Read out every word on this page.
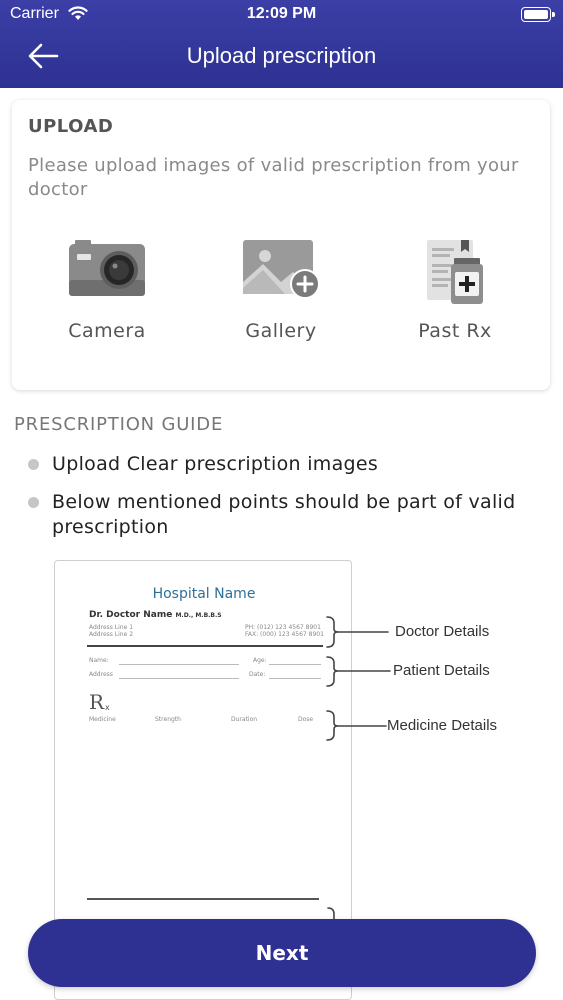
Carrier	12:09 PM
Upload prescription
UPLOAD
Please upload images of valid prescription from your doctor
Camera	Gallery	Past Rx
PRESCRIPTION GUIDE
Upload Clear prescription images
Below mentioned points should be part of valid prescription
Hospital Name
Dr. Doctor Name M.D., M.B.B.S
Address Line 1
Address Line 2
PH: (012) 123 4567 8901
FAX: (000) 123 4567 8901
Name:	Age:
Address	Date:
R x
Medicine	Strength	Duration	Dose
Doctor Details
Patient Details
Medicine Details
Next
